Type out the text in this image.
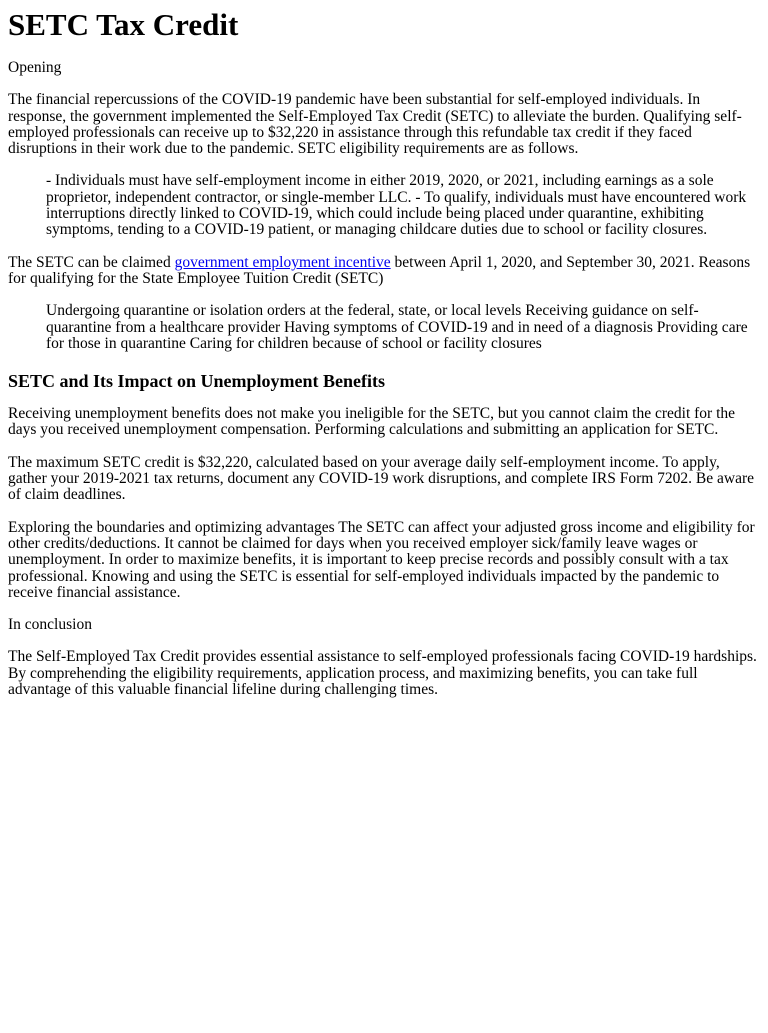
SETC Tax Credit

Opening

The financial repercussions of the COVID-19 pandemic have been substantial for self-employed individuals. In response, the government implemented the Self-Employed Tax Credit (SETC) to alleviate the burden. Qualifying self-employed professionals can receive up to $32,220 in assistance through this refundable tax credit if they faced disruptions in their work due to the pandemic. SETC eligibility requirements are as follows.

- Individuals must have self-employment income in either 2019, 2020, or 2021, including earnings as a sole proprietor, independent contractor, or single-member LLC. - To qualify, individuals must have encountered work interruptions directly linked to COVID-19, which could include being placed under quarantine, exhibiting symptoms, tending to a COVID-19 patient, or managing childcare duties due to school or facility closures.

The SETC can be claimed government employment incentive between April 1, 2020, and September 30, 2021. Reasons for qualifying for the State Employee Tuition Credit (SETC)

Undergoing quarantine or isolation orders at the federal, state, or local levels Receiving guidance on self-quarantine from a healthcare provider Having symptoms of COVID-19 and in need of a diagnosis Providing care for those in quarantine Caring for children because of school or facility closures
SETC and Its Impact on Unemployment Benefits

Receiving unemployment benefits does not make you ineligible for the SETC, but you cannot claim the credit for the days you received unemployment compensation. Performing calculations and submitting an application for SETC.

The maximum SETC credit is $32,220, calculated based on your average daily self-employment income. To apply, gather your 2019-2021 tax returns, document any COVID-19 work disruptions, and complete IRS Form 7202. Be aware of claim deadlines.

Exploring the boundaries and optimizing advantages The SETC can affect your adjusted gross income and eligibility for other credits/deductions. It cannot be claimed for days when you received employer sick/family leave wages or unemployment. In order to maximize benefits, it is important to keep precise records and possibly consult with a tax professional. Knowing and using the SETC is essential for self-employed individuals impacted by the pandemic to receive financial assistance.

In conclusion

The Self-Employed Tax Credit provides essential assistance to self-employed professionals facing COVID-19 hardships. By comprehending the eligibility requirements, application process, and maximizing benefits, you can take full advantage of this valuable financial lifeline during challenging times.
